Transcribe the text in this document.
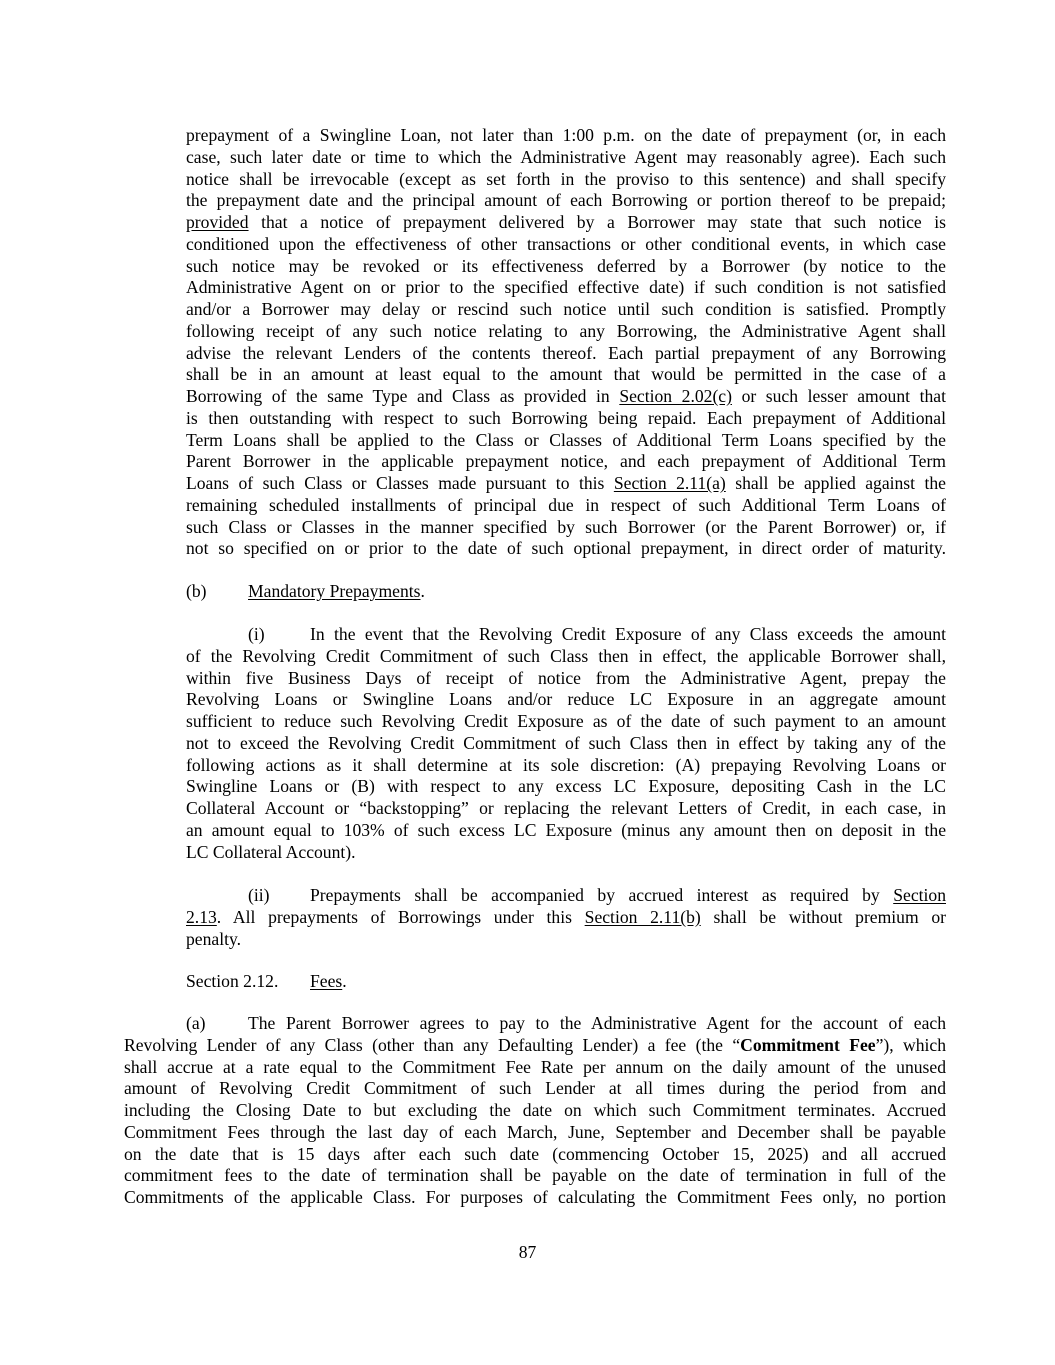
prepayment of a Swingline Loan, not later than 1:00 p.m. on the date of prepayment (or, in each
case, such later date or time to which the Administrative Agent may reasonably agree). Each such
notice shall be irrevocable (except as set forth in the proviso to this sentence) and shall specify
the prepayment date and the principal amount of each Borrowing or portion thereof to be prepaid;
provided that a notice of prepayment delivered by a Borrower may state that such notice is
conditioned upon the effectiveness of other transactions or other conditional events, in which case
such notice may be revoked or its effectiveness deferred by a Borrower (by notice to the
Administrative Agent on or prior to the specified effective date) if such condition is not satisfied
and/or a Borrower may delay or rescind such notice until such condition is satisfied. Promptly
following receipt of any such notice relating to any Borrowing, the Administrative Agent shall
advise the relevant Lenders of the contents thereof. Each partial prepayment of any Borrowing
shall be in an amount at least equal to the amount that would be permitted in the case of a
Borrowing of the same Type and Class as provided in Section 2.02(c) or such lesser amount that
is then outstanding with respect to such Borrowing being repaid. Each prepayment of Additional
Term Loans shall be applied to the Class or Classes of Additional Term Loans specified by the
Parent Borrower in the applicable prepayment notice, and each prepayment of Additional Term
Loans of such Class or Classes made pursuant to this Section 2.11(a) shall be applied against the
remaining scheduled installments of principal due in respect of such Additional Term Loans of
such Class or Classes in the manner specified by such Borrower (or the Parent Borrower) or, if
not so specified on or prior to the date of such optional prepayment, in direct order of maturity.
(b) Mandatory Prepayments.
(i)	In the event that the Revolving Credit Exposure of any Class exceeds the amount
of the Revolving Credit Commitment of such Class then in effect, the applicable Borrower shall,
within five Business Days of receipt of notice from the Administrative Agent, prepay the
Revolving Loans or Swingline Loans and/or reduce LC Exposure in an aggregate amount
sufficient to reduce such Revolving Credit Exposure as of the date of such payment to an amount
not to exceed the Revolving Credit Commitment of such Class then in effect by taking any of the
following actions as it shall determine at its sole discretion: (A) prepaying Revolving Loans or
Swingline Loans or (B) with respect to any excess LC Exposure, depositing Cash in the LC
Collateral Account or “backstopping” or replacing the relevant Letters of Credit, in each case, in
an amount equal to 103% of such excess LC Exposure (minus any amount then on deposit in the
LC Collateral Account).
(ii) Prepayments shall be accompanied by accrued interest as required by Section
2.13. All prepayments of Borrowings under this Section 2.11(b) shall be without premium or
penalty.
Section 2.12. Fees.
(a) The Parent Borrower agrees to pay to the Administrative Agent for the account of each
Revolving Lender of any Class (other than any Defaulting Lender) a fee (the “Commitment Fee”), which
shall accrue at a rate equal to the Commitment Fee Rate per annum on the daily amount of the unused
amount of Revolving Credit Commitment of such Lender at all times during the period from and
including the Closing Date to but excluding the date on which such Commitment terminates. Accrued
Commitment Fees through the last day of each March, June, September and December shall be payable
on the date that is 15 days after each such date (commencing October 15, 2025) and all accrued
commitment fees to the date of termination shall be payable on the date of termination in full of the
Commitments of the applicable Class. For purposes of calculating the Commitment Fees only, no portion
87
